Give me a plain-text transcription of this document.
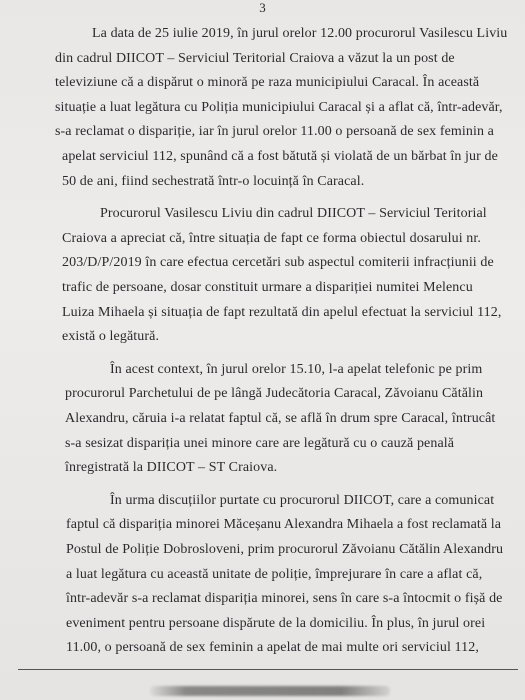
3
La data de 25 iulie 2019, în jurul orelor 12.00 procurorul Vasilescu Liviu
din cadrul DIICOT – Serviciul Teritorial Craiova a văzut la un post de
televiziune că a dispărut o minoră pe raza municipiului Caracal. În această
situație a luat legătura cu Poliția municipiului Caracal și a aflat că, într-adevăr,
s-a reclamat o dispariție, iar în jurul orelor 11.00 o persoană de sex feminin a
apelat serviciul 112, spunând că a fost bătută și violată de un bărbat în jur de
50 de ani, fiind sechestrată într-o locuință în Caracal.
Procurorul Vasilescu Liviu din cadrul DIICOT – Serviciul Teritorial
Craiova a apreciat că, între situația de fapt ce forma obiectul dosarului nr.
203/D/P/2019 în care efectua cercetări sub aspectul comiterii infracțiunii de
trafic de persoane, dosar constituit urmare a dispariției numitei Melencu
Luiza Mihaela și situația de fapt rezultată din apelul efectuat la serviciul 112,
există o legătură.
În acest context, în jurul orelor 15.10, l-a apelat telefonic pe prim
procurorul Parchetului de pe lângă Judecătoria Caracal, Zăvoianu Cătălin
Alexandru, căruia i-a relatat faptul că, se află în drum spre Caracal, întrucât
s-a sesizat dispariția unei minore care are legătură cu o cauză penală
înregistrată la DIICOT – ST Craiova.
În urma discuțiilor purtate cu procurorul DIICOT, care a comunicat
faptul că dispariția minorei Măceșanu Alexandra Mihaela a fost reclamată la
Postul de Poliție Dobrosloveni, prim procurorul Zăvoianu Cătălin Alexandru
a luat legătura cu această unitate de poliție, împrejurare în care a aflat că,
într-adevăr s-a reclamat dispariția minorei, sens în care s-a întocmit o fișă de
eveniment pentru persoane dispărute de la domiciliu. În plus, în jurul orei
11.00, o persoană de sex feminin a apelat de mai multe ori serviciul 112,
